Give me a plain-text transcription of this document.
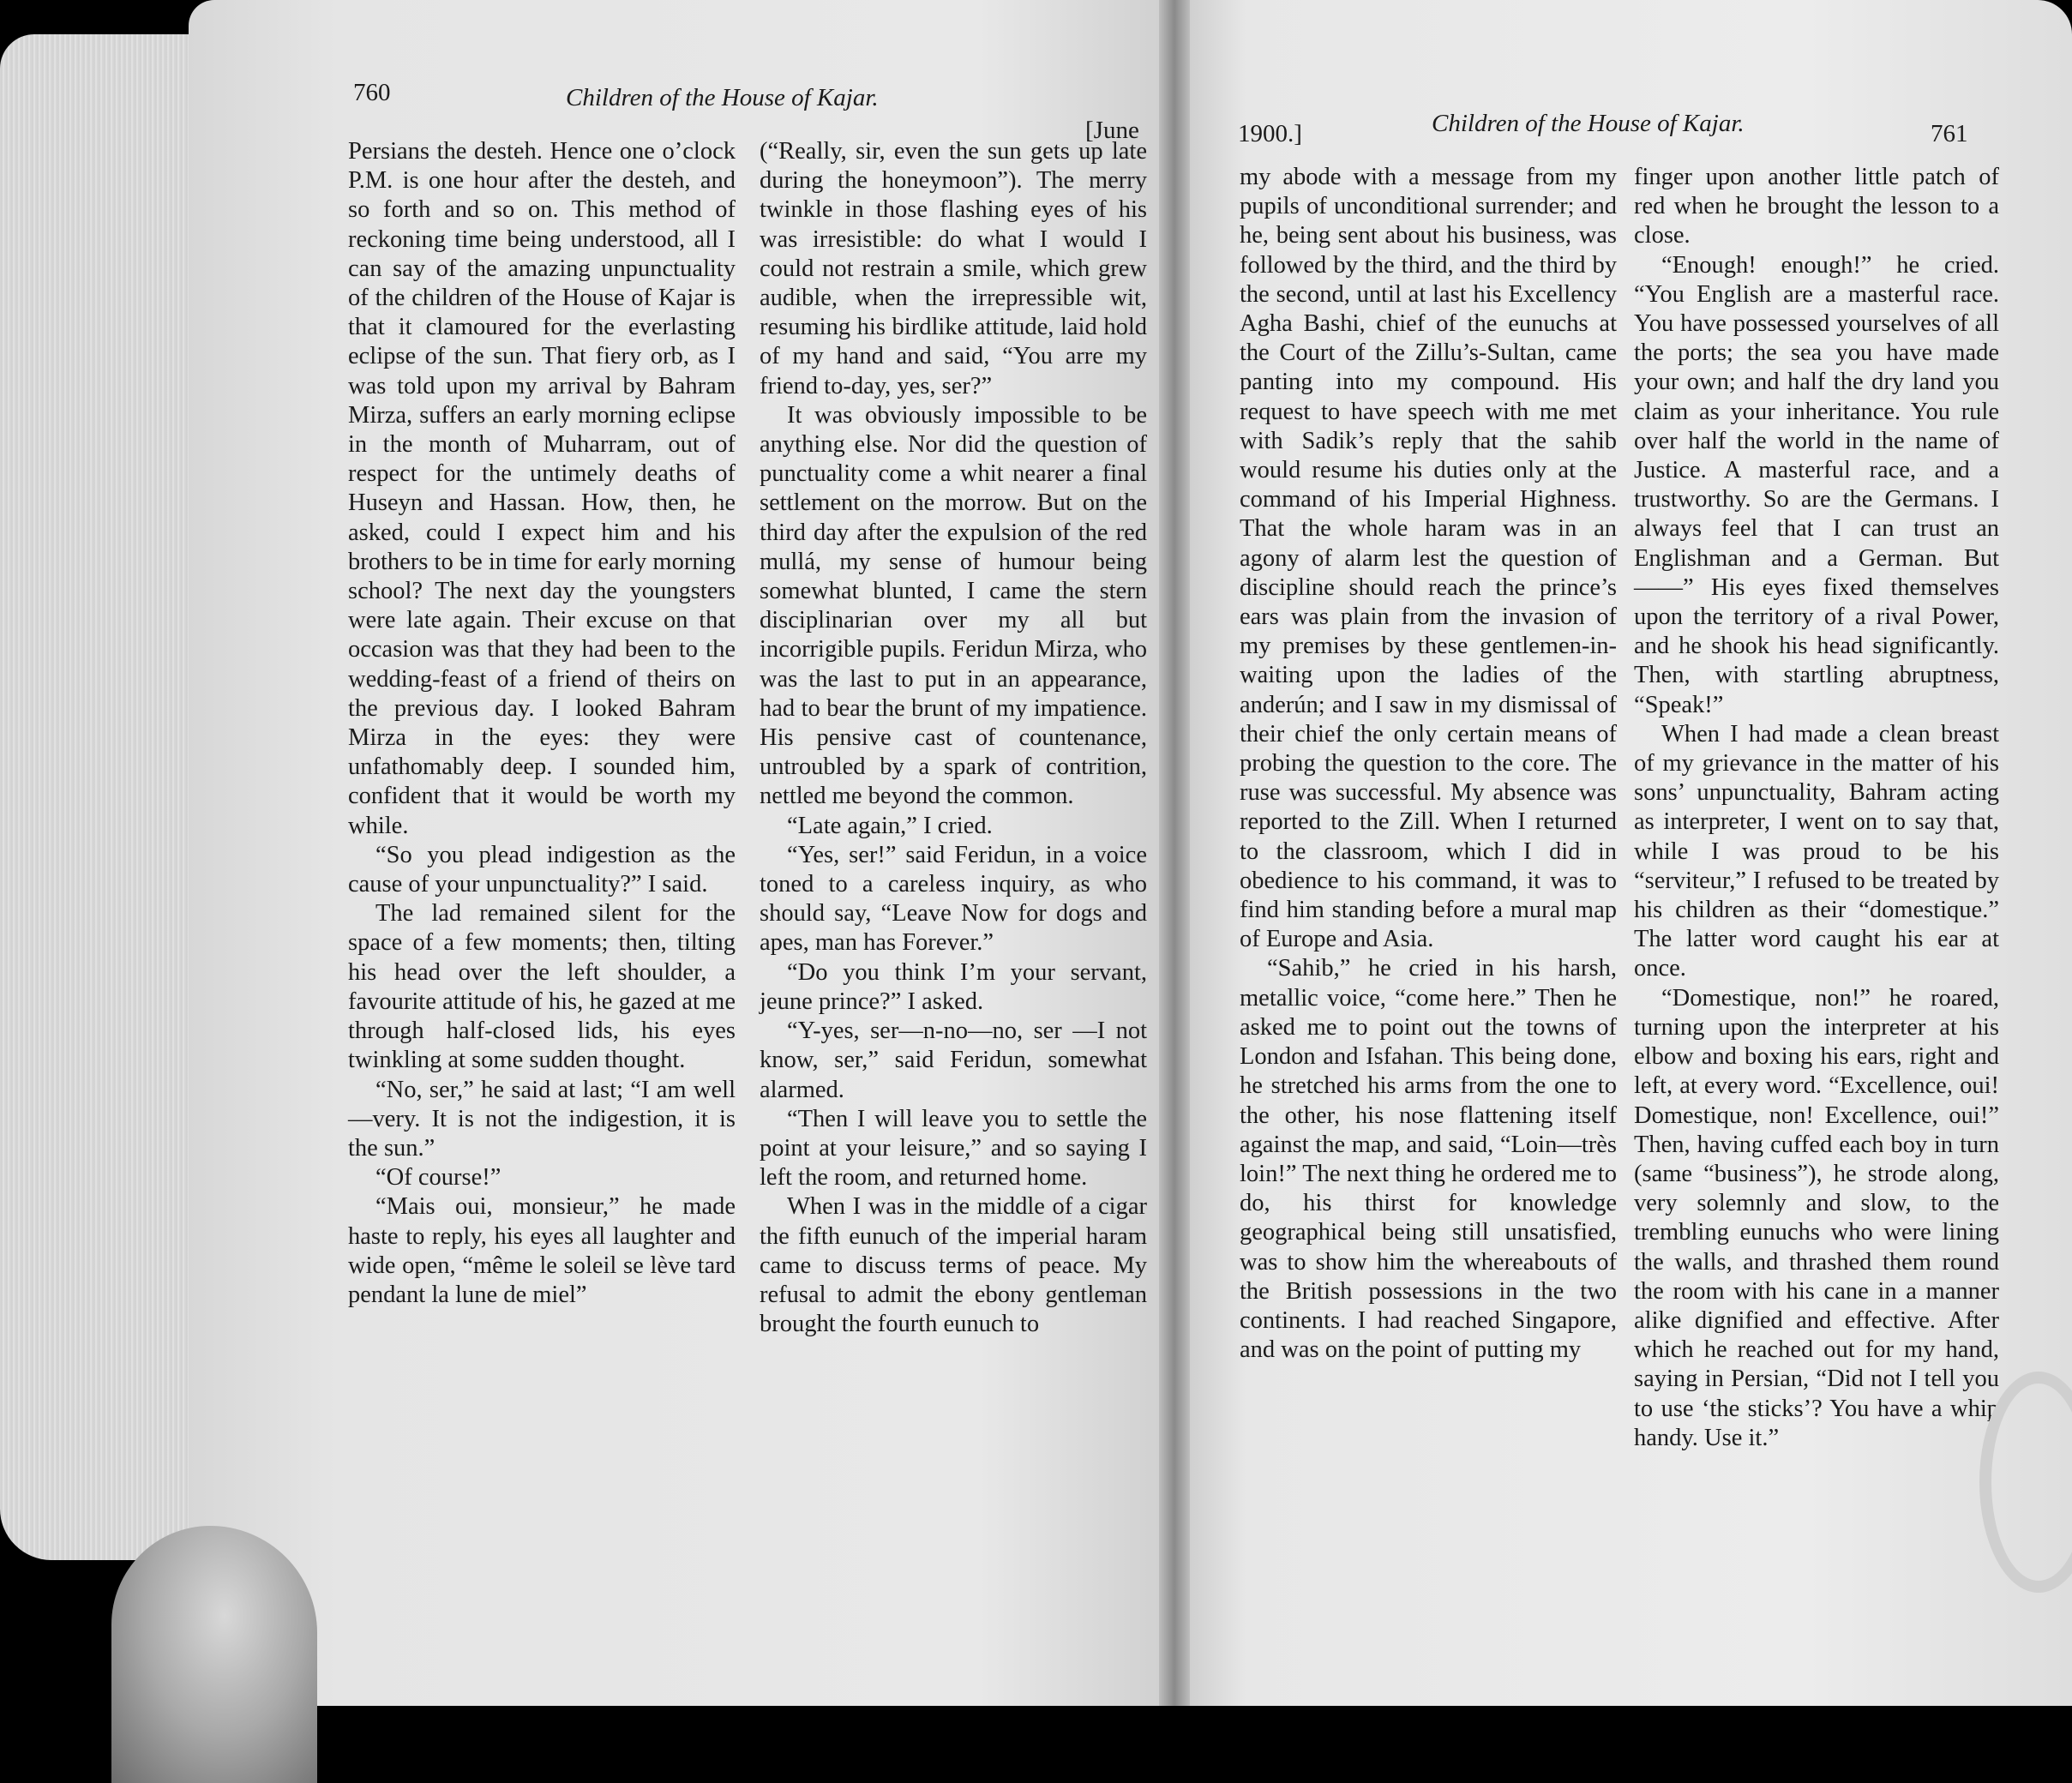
760	Children of the House of Kajar.
[June

Persians the desteh. Hence one o’clock P.M. is one hour after the desteh, and so forth and so on. This method of reckoning time being understood, all I can say of the amazing unpunctuality of the children of the House of Kajar is that it clamoured for the everlasting eclipse of the sun. That fiery orb, as I was told upon my arrival by Bahram Mirza, suffers an early morning eclipse in the month of Muharram, out of respect for the untimely deaths of Huseyn and Hassan. How, then, he asked, could I expect him and his brothers to be in time for early morning school? The next day the youngsters were late again. Their excuse on that occasion was that they had been to the wedding-feast of a friend of theirs on the previous day. I looked Bahram Mirza in the eyes: they were unfathomably deep. I sounded him, confident that it would be worth my while.

“So you plead indigestion as the cause of your unpunctuality?” I said.

The lad remained silent for the space of a few moments; then, tilting his head over the left shoulder, a favourite attitude of his, he gazed at me through half-closed lids, his eyes twinkling at some sudden thought.

“No, ser,” he said at last; “I am well—very. It is not the indigestion, it is the sun.”

“Of course!”

“Mais oui, monsieur,” he made haste to reply, his eyes all laughter and wide open, “même le soleil se lève tard pendant la lune de miel”

(“Really, sir, even the sun gets up late during the honeymoon”). The merry twinkle in those flashing eyes of his was irresistible: do what I would I could not restrain a smile, which grew audible, when the irrepressible wit, resuming his birdlike attitude, laid hold of my hand and said, “You arre my friend to-day, yes, ser?”

It was obviously impossible to be anything else. Nor did the question of punctuality come a whit nearer a final settlement on the morrow. But on the third day after the expulsion of the red mullá, my sense of humour being somewhat blunted, I came the stern disciplinarian over my all but incorrigible pupils. Feridun Mirza, who was the last to put in an appearance, had to bear the brunt of my impatience. His pensive cast of countenance, untroubled by a spark of contrition, nettled me beyond the common.

“Late again,” I cried.

“Yes, ser!” said Feridun, in a voice toned to a careless inquiry, as who should say, “Leave Now for dogs and apes, man has Forever.”

“Do you think I’m your servant, jeune prince?” I asked.

“Y-yes, ser—n-no—no, ser —I not know, ser,” said Feridun, somewhat alarmed.

“Then I will leave you to settle the point at your leisure,” and so saying I left the room, and returned home.

When I was in the middle of a cigar the fifth eunuch of the imperial haram came to discuss terms of peace. My refusal to admit the ebony gentleman brought the fourth eunuch to

1900.]	Children of the House of Kajar.	761

my abode with a message from my pupils of unconditional surrender; and he, being sent about his business, was followed by the third, and the third by the second, until at last his Excellency Agha Bashi, chief of the eunuchs at the Court of the Zillu’s-Sultan, came panting into my compound. His request to have speech with me met with Sadik’s reply that the sahib would resume his duties only at the command of his Imperial Highness. That the whole haram was in an agony of alarm lest the question of discipline should reach the prince’s ears was plain from the invasion of my premises by these gentlemen-in-waiting upon the ladies of the anderún; and I saw in my dismissal of their chief the only certain means of probing the question to the core. The ruse was successful. My absence was reported to the Zill. When I returned to the classroom, which I did in obedience to his command, it was to find him standing before a mural map of Europe and Asia.

“Sahib,” he cried in his harsh, metallic voice, “come here.” Then he asked me to point out the towns of London and Isfahan. This being done, he stretched his arms from the one to the other, his nose flattening itself against the map, and said, “Loin—très loin!” The next thing he ordered me to do, his thirst for knowledge geographical being still unsatisfied, was to show him the whereabouts of the British possessions in the two continents. I had reached Singapore, and was on the point of putting my

finger upon another little patch of red when he brought the lesson to a close.

“Enough! enough!” he cried. “You English are a masterful race. You have possessed yourselves of all the ports; the sea you have made your own; and half the dry land you claim as your inheritance. You rule over half the world in the name of Justice. A masterful race, and a trustworthy. So are the Germans. I always feel that I can trust an Englishman and a German. But——” His eyes fixed themselves upon the territory of a rival Power, and he shook his head significantly. Then, with startling abruptness, “Speak!”

When I had made a clean breast of my grievance in the matter of his sons’ unpunctuality, Bahram acting as interpreter, I went on to say that, while I was proud to be his “serviteur,” I refused to be treated by his children as their “domestique.” The latter word caught his ear at once.

“Domestique, non!” he roared, turning upon the interpreter at his elbow and boxing his ears, right and left, at every word. “Excellence, oui! Domestique, non! Excellence, oui!” Then, having cuffed each boy in turn (same “business”), he strode along, very solemnly and slow, to the trembling eunuchs who were lining the walls, and thrashed them round the room with his cane in a manner alike dignified and effective. After which he reached out for my hand, saying in Persian, “Did not I tell you to use ‘the sticks’? You have a whip handy. Use it.”
